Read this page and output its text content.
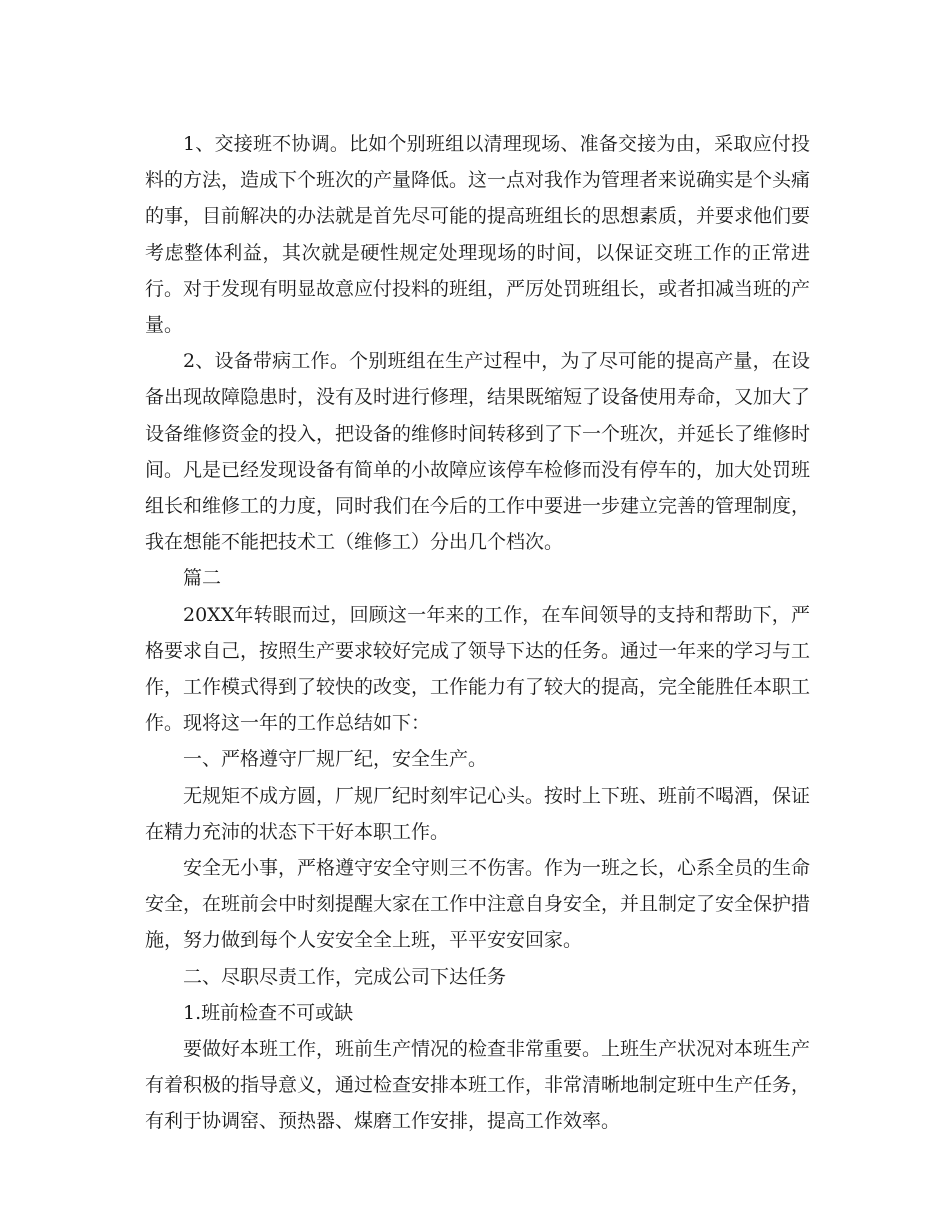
1、交接班不协调。比如个别班组以清理现场、准备交接为由，采取应付投料的方法，造成下个班次的产量降低。这一点对我作为管理者来说确实是个头痛的事，目前解决的办法就是首先尽可能的提高班组长的思想素质，并要求他们要考虑整体利益，其次就是硬性规定处理现场的时间，以保证交班工作的正常进行。对于发现有明显故意应付投料的班组，严厉处罚班组长，或者扣减当班的产量。

2、设备带病工作。个别班组在生产过程中，为了尽可能的提高产量，在设备出现故障隐患时，没有及时进行修理，结果既缩短了设备使用寿命，又加大了设备维修资金的投入，把设备的维修时间转移到了下一个班次，并延长了维修时间。凡是已经发现设备有简单的小故障应该停车检修而没有停车的，加大处罚班组长和维修工的力度，同时我们在今后的工作中要进一步建立完善的管理制度，我在想能不能把技术工（维修工）分出几个档次。

篇二

20XX年转眼而过，回顾这一年来的工作，在车间领导的支持和帮助下，严格要求自己，按照生产要求较好完成了领导下达的任务。通过一年来的学习与工作，工作模式得到了较快的改变，工作能力有了较大的提高，完全能胜任本职工作。现将这一年的工作总结如下：

一、严格遵守厂规厂纪，安全生产。

无规矩不成方圆，厂规厂纪时刻牢记心头。按时上下班、班前不喝酒，保证在精力充沛的状态下干好本职工作。

安全无小事，严格遵守安全守则三不伤害。作为一班之长，心系全员的生命安全，在班前会中时刻提醒大家在工作中注意自身安全，并且制定了安全保护措施，努力做到每个人安安全全上班，平平安安回家。

二、尽职尽责工作，完成公司下达任务

1.班前检查不可或缺

要做好本班工作，班前生产情况的检查非常重要。上班生产状况对本班生产有着积极的指导意义，通过检查安排本班工作，非常清晰地制定班中生产任务，有利于协调窑、预热器、煤磨工作安排，提高工作效率。
